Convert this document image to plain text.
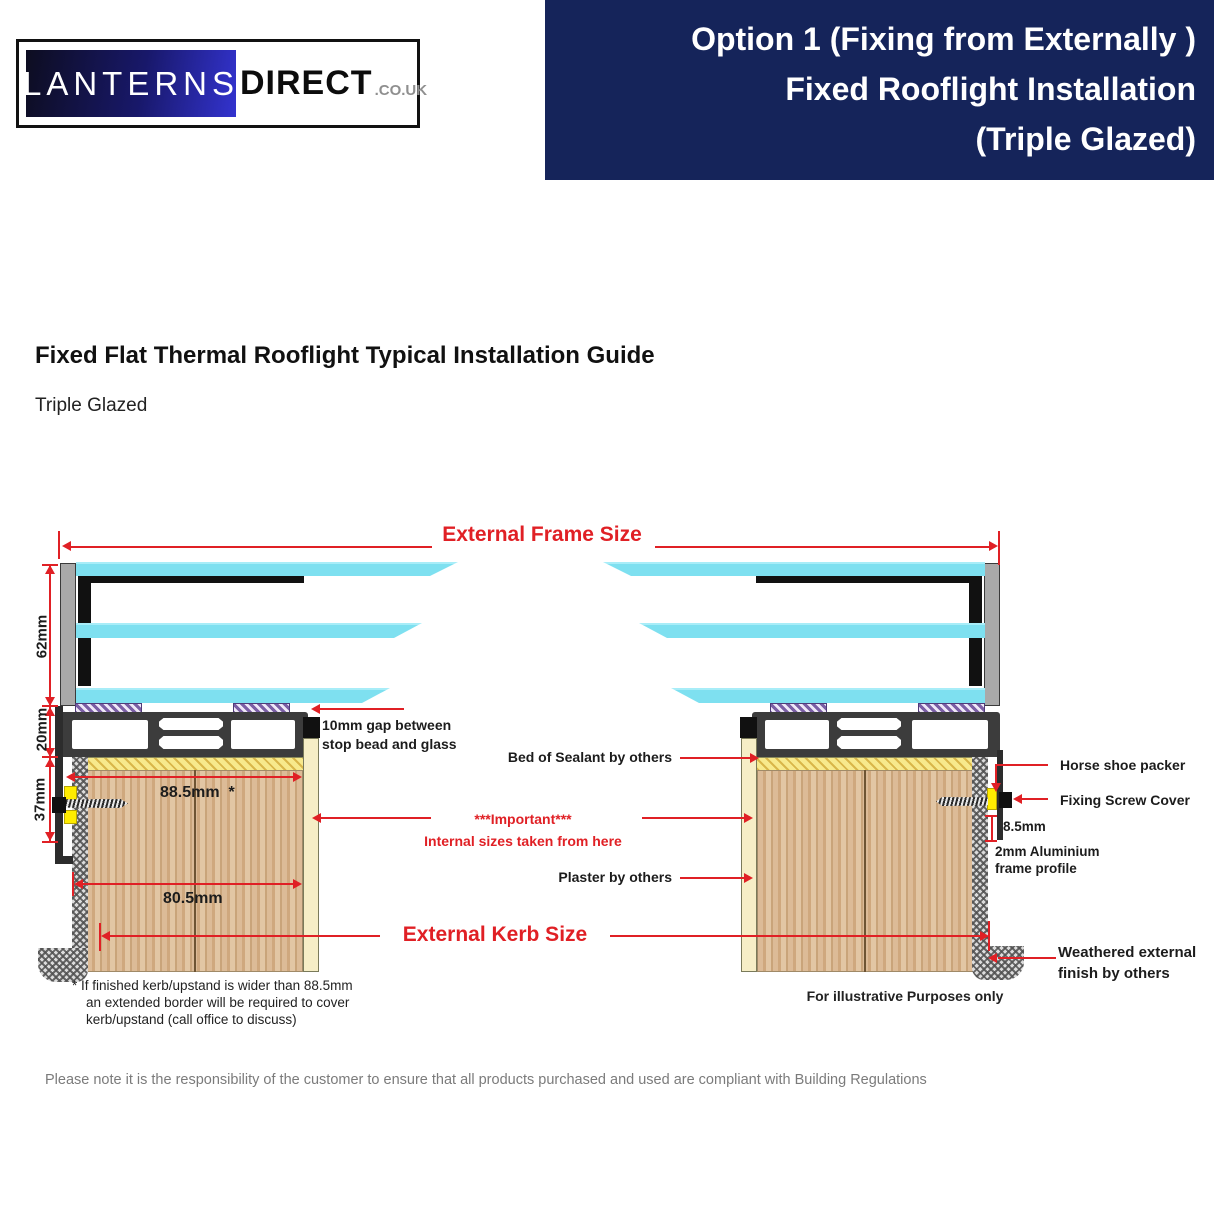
LANTERNS DIRECT .CO.UK
Option 1 (Fixing from Externally )
Fixed Rooflight Installation
(Triple Glazed)
Fixed Flat Thermal Rooflight Typical Installation Guide
Triple Glazed
External Frame Size
62mm
20mm
37mm	88.5mm  *
80.5mm
External Kerb Size
10mm gap between
stop bead and glass
Bed of Sealant by others
***Important***
Internal sizes taken from here
Plaster by others
Horse shoe packer
Fixing Screw Cover
8.5mm
2mm Aluminium
frame profile
Weathered external
finish by others
For illustrative Purposes only
* If finished kerb/upstand is wider than 88.5mm
an extended border will be required to cover
kerb/upstand (call office to discuss)
Please note it is the responsibility of the customer to ensure that all products purchased and used are compliant with Building Regulations
